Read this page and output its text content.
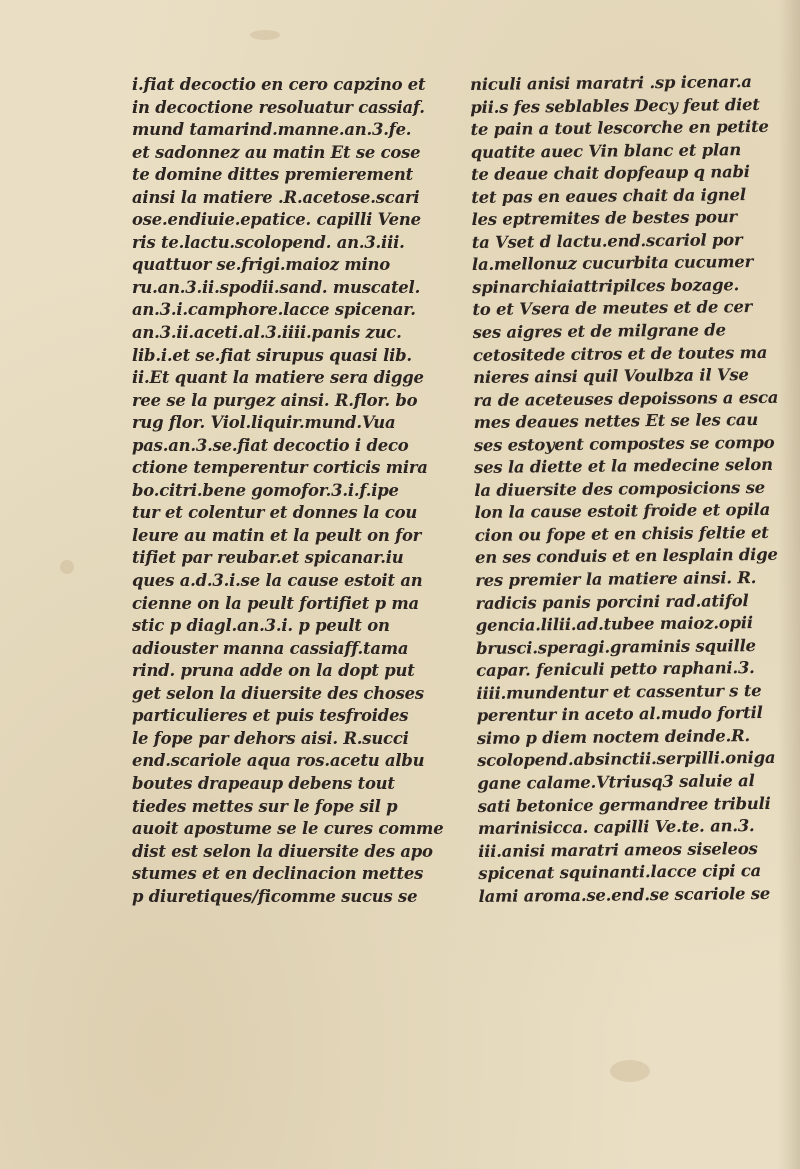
i.fiat decoctio en cero capzino et
in decoctione resoluatur cassiaf.
mund tamarind.manne.an.3.fe.
et sadonnez au matin Et se cose
te domine dittes premierement
ainsi la matiere .R.acetose.scari
ose.endiuie.epatice. capilli Vene
ris te.lactu.scolopend. an.3.iii.
quattuor se.frigi.maioz mino
ru.an.3.ii.spodii.sand. muscatel.
an.3.i.camphore.lacce spicenar.
an.3.ii.aceti.al.3.iiii.panis zuc.
lib.i.et se.fiat sirupus quasi lib.
ii.Et quant la matiere sera digge
ree se la purgez ainsi. R.flor. bo
rug flor. Viol.liquir.mund.Vua
pas.an.3.se.fiat decoctio i deco
ctione temperentur corticis mira
bo.citri.bene gomofor.3.i.f.ipe
tur et colentur et donnes la cou
leure au matin et la peult on for
tifiet par reubar.et spicanar.iu
ques a.d.3.i.se la cause estoit an
cienne on la peult fortifiet p ma
stic p diagl.an.3.i. p peult on
adiouster manna cassiaff.tama
rind. pruna adde on la dopt put
get selon la diuersite des choses
particulieres et puis tesfroides
le fope par dehors aisi. R.succi
end.scariole aqua ros.acetu albu
boutes drapeaup debens tout
tiedes mettes sur le fope sil p
auoit apostume se le cures comme
dist est selon la diuersite des apo
stumes et en declinacion mettes
p diuretiques/ficomme sucus se
niculi anisi maratri .sp icenar.a
pii.s fes seblables Decy feut diet
te pain a tout lescorche en petite
quatite auec Vin blanc et plan
te deaue chait dopfeaup q nabi
tet pas en eaues chait da ignel
les eptremites de bestes pour
ta Vset d lactu.end.scariol por
la.mellonuz cucurbita cucumer
spinarchiaiattripilces bozage.
to et Vsera de meutes et de cer
ses aigres et de milgrane de
cetositede citros et de toutes ma
nieres ainsi quil Voulbza il Vse
ra de aceteuses depoissons a esca
mes deaues nettes Et se les cau
ses estoyent compostes se compo
ses la diette et la medecine selon
la diuersite des composicions se
lon la cause estoit froide et opila
cion ou fope et en chisis feltie et
en ses conduis et en lesplain dige
res premier la matiere ainsi. R.
radicis panis porcini rad.atifol
gencia.lilii.ad.tubee maioz.opii
brusci.speragi.graminis squille
capar. feniculi petto raphani.3.
iiii.mundentur et cassentur s te
perentur in aceto al.mudo fortil
simo p diem noctem deinde.R.
scolopend.absinctii.serpilli.oniga
gane calame.Vtriusq3 saluie al
sati betonice germandree tribuli
marinisicca. capilli Ve.te. an.3.
iii.anisi maratri ameos siseleos
spicenat squinanti.lacce cipi ca
lami aroma.se.end.se scariole se
